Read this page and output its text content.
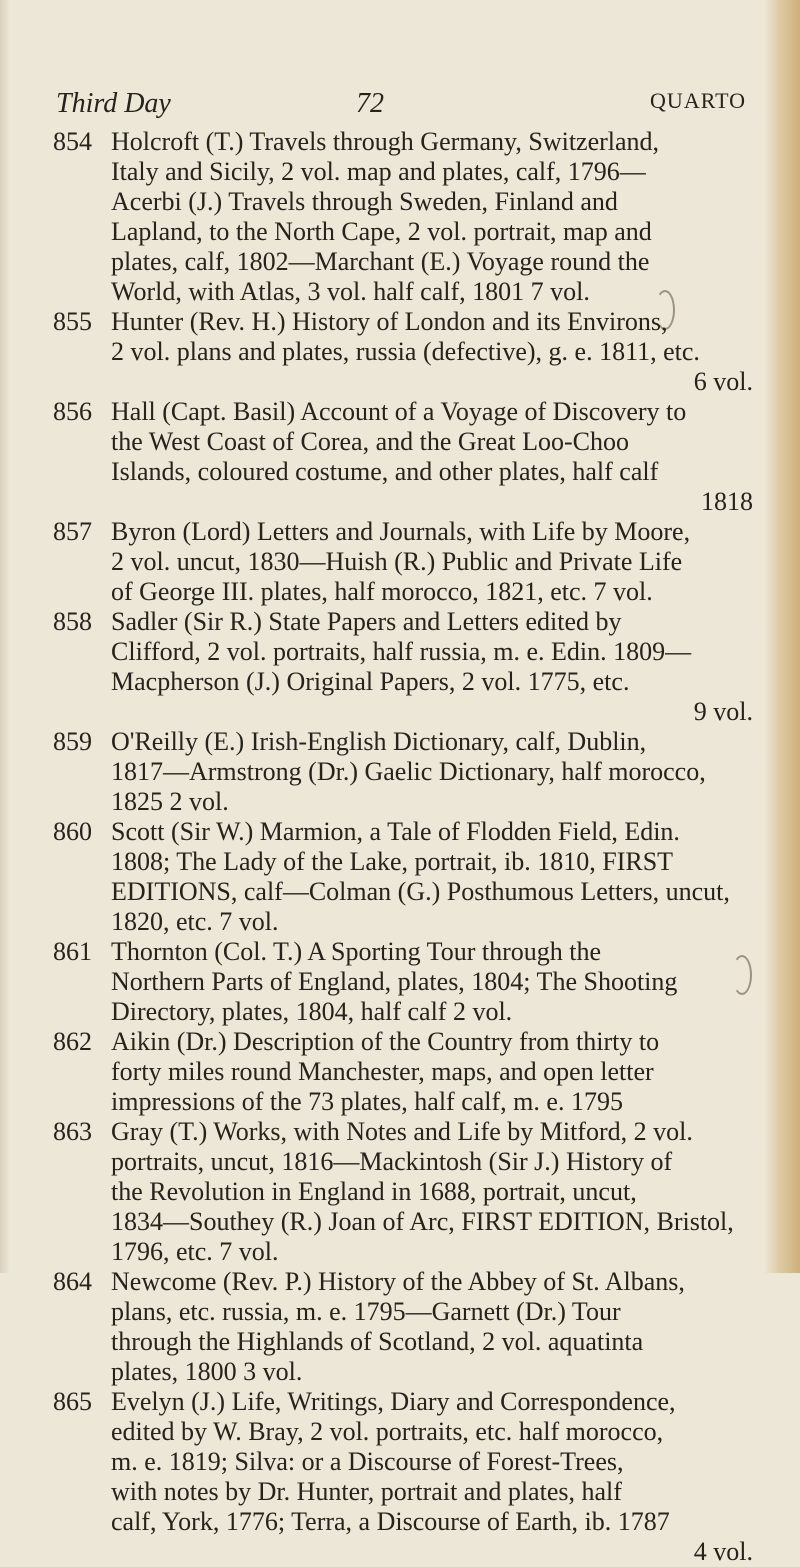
Third Day	72	QUARTO
854 Holcroft (T.) Travels through Germany, Switzerland,
Italy and Sicily, 2 vol. map and plates, calf, 1796—
Acerbi (J.) Travels through Sweden, Finland and
Lapland, to the North Cape, 2 vol. portrait, map and
plates, calf, 1802—Marchant (E.) Voyage round the
World, with Atlas, 3 vol. half calf, 1801 7 vol.
855 Hunter (Rev. H.) History of London and its Environs,
2 vol. plans and plates, russia (defective), g. e. 1811, etc.
6 vol.
856 Hall (Capt. Basil) Account of a Voyage of Discovery to
the West Coast of Corea, and the Great Loo-Choo
Islands, coloured costume, and other plates, half calf
1818
857 Byron (Lord) Letters and Journals, with Life by Moore,
2 vol. uncut, 1830—Huish (R.) Public and Private Life
of George III. plates, half morocco, 1821, etc. 7 vol.
858 Sadler (Sir R.) State Papers and Letters edited by
Clifford, 2 vol. portraits, half russia, m. e. Edin. 1809—
Macpherson (J.) Original Papers, 2 vol. 1775, etc.
9 vol.
859 O'Reilly (E.) Irish-English Dictionary, calf, Dublin,
1817—Armstrong (Dr.) Gaelic Dictionary, half morocco,
1825 2 vol.
860 Scott (Sir W.) Marmion, a Tale of Flodden Field, Edin.
1808; The Lady of the Lake, portrait, ib. 1810, FIRST
EDITIONS, calf—Colman (G.) Posthumous Letters, uncut,
1820, etc. 7 vol.
861 Thornton (Col. T.) A Sporting Tour through the
Northern Parts of England, plates, 1804; The Shooting
Directory, plates, 1804, half calf 2 vol.
862 Aikin (Dr.) Description of the Country from thirty to
forty miles round Manchester, maps, and open letter
impressions of the 73 plates, half calf, m. e. 1795
863 Gray (T.) Works, with Notes and Life by Mitford, 2 vol.
portraits, uncut, 1816—Mackintosh (Sir J.) History of
the Revolution in England in 1688, portrait, uncut,
1834—Southey (R.) Joan of Arc, FIRST EDITION, Bristol,
1796, etc. 7 vol.
864 Newcome (Rev. P.) History of the Abbey of St. Albans,
plans, etc. russia, m. e. 1795—Garnett (Dr.) Tour
through the Highlands of Scotland, 2 vol. aquatinta
plates, 1800 3 vol.
865 Evelyn (J.) Life, Writings, Diary and Correspondence,
edited by W. Bray, 2 vol. portraits, etc. half morocco,
m. e. 1819; Silva: or a Discourse of Forest-Trees,
with notes by Dr. Hunter, portrait and plates, half
calf, York, 1776; Terra, a Discourse of Earth, ib. 1787
4 vol.
